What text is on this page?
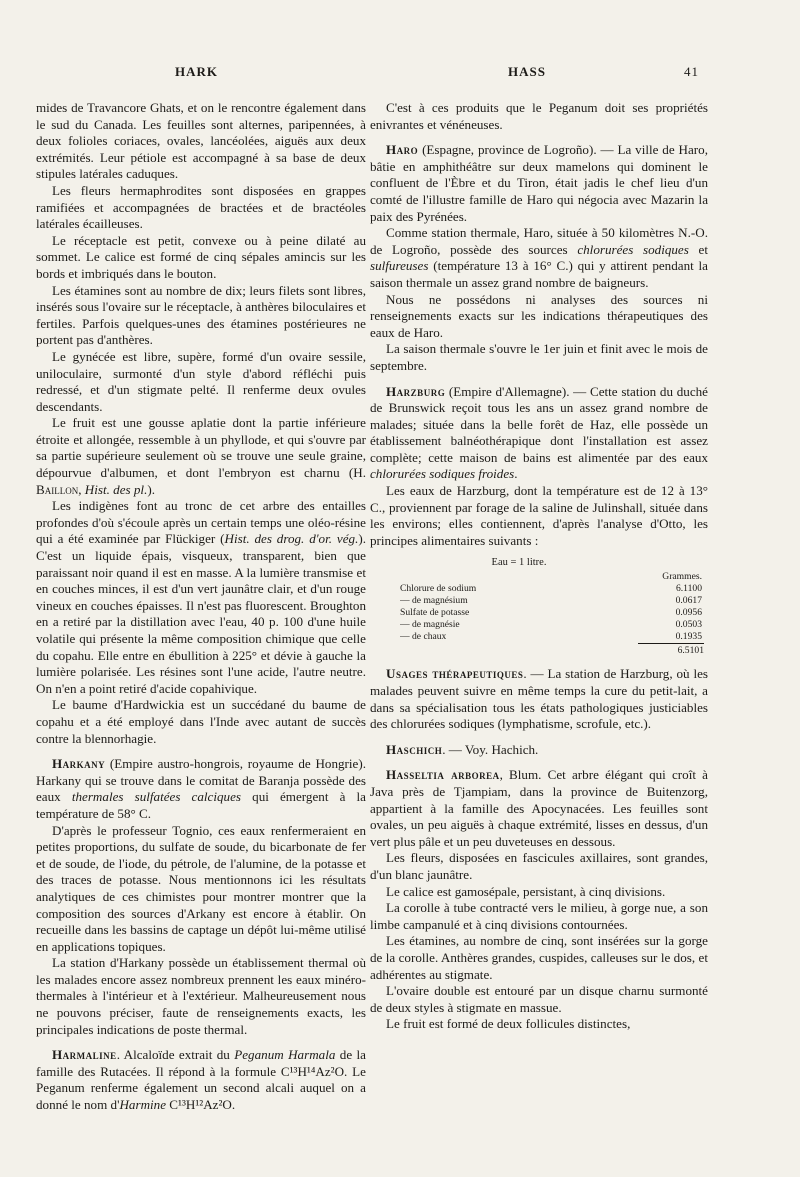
HARK	HASS	41

mides de Travancore Ghats, et on le rencontre également dans le sud du Canada. Les feuilles sont alternes, paripennées, à deux folioles coriaces, ovales, lancéolées, aiguës aux deux extrémités. Leur pétiole est accompagné à sa base de deux stipules latérales caduques.

Les fleurs hermaphrodites sont disposées en grappes ramifiées et accompagnées de bractées et de bractéoles latérales écailleuses.

Le réceptacle est petit, convexe ou à peine dilaté au sommet. Le calice est formé de cinq sépales amincis sur les bords et imbriqués dans le bouton.

Les étamines sont au nombre de dix; leurs filets sont libres, insérés sous l'ovaire sur le réceptacle, à anthères biloculaires et fertiles. Parfois quelques-unes des étamines postérieures ne portent pas d'anthères.

Le gynécée est libre, supère, formé d'un ovaire sessile, uniloculaire, surmonté d'un style d'abord réfléchi puis redressé, et d'un stigmate pelté. Il renferme deux ovules descendants.

Le fruit est une gousse aplatie dont la partie inférieure étroite et allongée, ressemble à un phyllode, et qui s'ouvre par sa partie supérieure seulement où se trouve une seule graine, dépourvue d'albumen, et dont l'embryon est charnu (H. Baillon, Hist. des pl.).

Les indigènes font au tronc de cet arbre des entailles profondes d'où s'écoule après un certain temps une oléo-résine qui a été examinée par Flückiger (Hist. des drog. d'or. vég.). C'est un liquide épais, visqueux, transparent, bien que paraissant noir quand il est en masse. A la lumière transmise et en couches minces, il est d'un vert jaunâtre clair, et d'un rouge vineux en couches épaisses. Il n'est pas fluorescent. Broughton en a retiré par la distillation avec l'eau, 40 p. 100 d'une huile volatile qui présente la même composition chimique que celle du copahu. Elle entre en ébullition à 225° et dévie à gauche la lumière polarisée. Les résines sont l'une acide, l'autre neutre. On n'en a point retiré d'acide copahivique.

Le baume d'Hardwickia est un succédané du baume de copahu et a été employé dans l'Inde avec autant de succès contre la blennorhagie.

Harkany (Empire austro-hongrois, royaume de Hongrie). Harkany qui se trouve dans le comitat de Baranja possède des eaux thermales sulfatées calciques qui émergent à la température de 58° C.

D'après le professeur Tognio, ces eaux renfermeraient en petites proportions, du sulfate de soude, du bicarbonate de fer et de soude, de l'iode, du pétrole, de l'alumine, de la potasse et des traces de potasse. Nous mentionnons ici les résultats analytiques de ces chimistes pour montrer montrer que la composition des sources d'Arkany est encore à établir. On recueille dans les bassins de captage un dépôt lui-même utilisé en applications topiques.

La station d'Harkany possède un établissement thermal où les malades encore assez nombreux prennent les eaux minéro-thermales à l'intérieur et à l'extérieur. Malheureusement nous ne pouvons préciser, faute de renseignements exacts, les principales indications de poste thermal.

Harmaline. Alcaloïde extrait du Peganum Harmala de la famille des Rutacées. Il répond à la formule C¹³H¹⁴Az²O. Le Peganum renferme également un second alcali auquel on a donné le nom d'Harmine C¹³H¹²Az²O.

C'est à ces produits que le Peganum doit ses propriétés enivrantes et vénéneuses.

Haro (Espagne, province de Logroño). — La ville de Haro, bâtie en amphithéâtre sur deux mamelons qui dominent le confluent de l'Èbre et du Tiron, était jadis le chef lieu d'un comté de l'illustre famille de Haro qui négocia avec Mazarin la paix des Pyrénées.

Comme station thermale, Haro, située à 50 kilomètres N.-O. de Logroño, possède des sources chlorurées sodiques et sulfureuses (température 13 à 16° C.) qui y attirent pendant la saison thermale un assez grand nombre de baigneurs.

Nous ne possédons ni analyses des sources ni renseignements exacts sur les indications thérapeutiques des eaux de Haro.

La saison thermale s'ouvre le 1er juin et finit avec le mois de septembre.

Harzburg (Empire d'Allemagne). — Cette station du duché de Brunswick reçoit tous les ans un assez grand nombre de malades; située dans la belle forêt de Haz, elle possède un établissement balnéothérapique dont l'installation est assez complète; cette maison de bains est alimentée par des eaux chlorurées sodiques froides.

Les eaux de Harzburg, dont la température est de 12 à 13° C., proviennent par forage de la saline de Julinshall, située dans les environs; elles contiennent, d'après l'analyse d'Otto, les principes alimentaires suivants :

Eau = 1 litre.
Grammes.
Chlorure de sodium	6.1100
— de magnésium	0.0617
Sulfate de potasse	0.0956
— de magnésie	0.0503
— de chaux	0.1935
6.5101

Usages thérapeutiques. — La station de Harzburg, où les malades peuvent suivre en même temps la cure du petit-lait, a dans sa spécialisation tous les états pathologiques justiciables des chlorurées sodiques (lymphatisme, scrofule, etc.).

Haschich. — Voy. Hachich.

Hasseltia arborea, Blum. Cet arbre élégant qui croît à Java près de Tjampiam, dans la province de Buitenzorg, appartient à la famille des Apocynacées. Les feuilles sont ovales, un peu aiguës à chaque extrémité, lisses en dessus, d'un vert plus pâle et un peu duveteuses en dessous.

Les fleurs, disposées en fascicules axillaires, sont grandes, d'un blanc jaunâtre.

Le calice est gamosépale, persistant, à cinq divisions.

La corolle à tube contracté vers le milieu, à gorge nue, a son limbe campanulé et à cinq divisions contournées.

Les étamines, au nombre de cinq, sont insérées sur la gorge de la corolle. Anthères grandes, cuspides, calleuses sur le dos, et adhérentes au stigmate.

L'ovaire double est entouré par un disque charnu surmonté de deux styles à stigmate en massue.

Le fruit est formé de deux follicules distinctes,
